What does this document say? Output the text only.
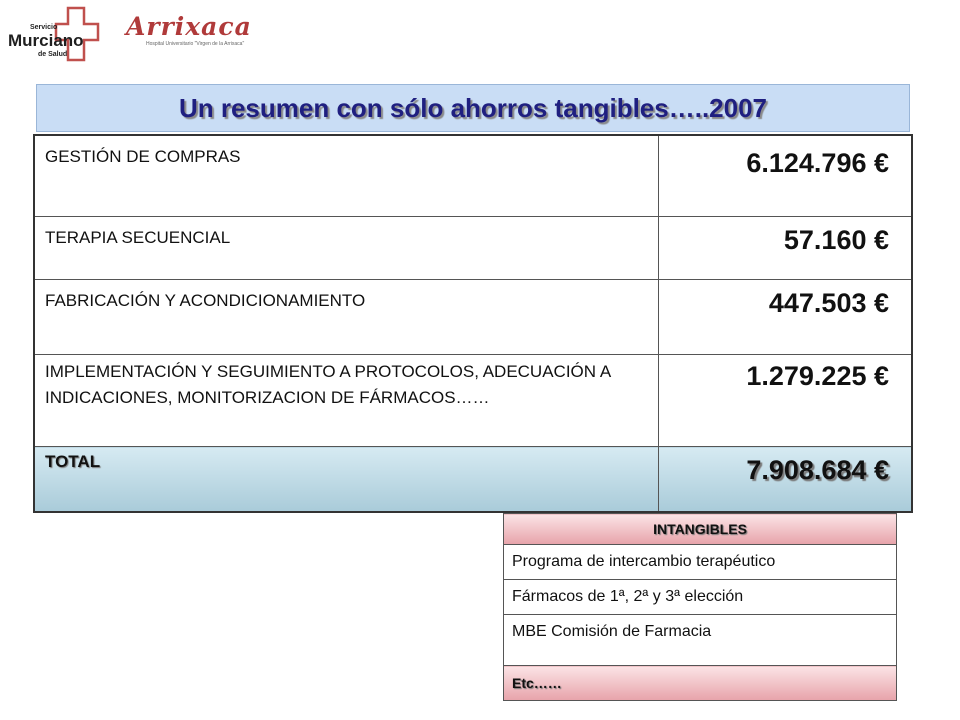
Servicio
Murciano
de Salud
Arrixaca
Hospital Universitario "Virgen de la Arrixaca"
Un resumen con sólo ahorros tangibles…..2007
GESTIÓN DE COMPRAS	6.124.796 €
TERAPIA SECUENCIAL	57.160 €
FABRICACIÓN Y ACONDICIONAMIENTO	447.503 €
IMPLEMENTACIÓN Y SEGUIMIENTO A PROTOCOLOS, ADECUACIÓN A INDICACIONES, MONITORIZACION DE FÁRMACOS……	1.279.225 €
TOTAL	7.908.684 €
INTANGIBLES
Programa de intercambio terapéutico
Fármacos de 1ª, 2ª y 3ª elección
MBE Comisión de Farmacia
Etc……
